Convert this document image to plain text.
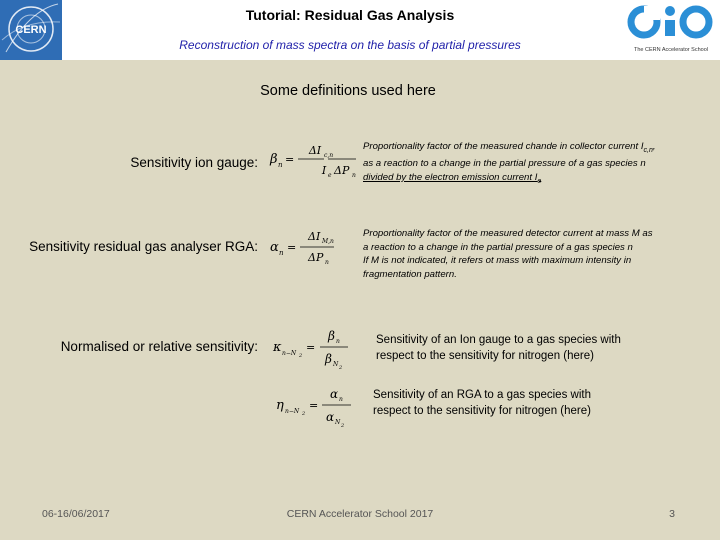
CERN
Tutorial: Residual Gas Analysis
Reconstruction of mass spectra on the basis of partial pressures	The CERN Accelerator School
Some definitions used here
Sensitivity ion gauge: β n =
ΔI c,n
I e ΔP n
Proportionality factor of the measured chande in collector current $I_{c,n}$,
as a reaction to a change in the partial pressure of a gas species n
divided by the electron emission current $I_e$
Sensitivity residual gas analyser RGA: α n =
ΔI M,n
ΔP n
Proportionality factor of the measured detector current at mass M as
a reaction to a change in the partial pressure of a gas species n
If M is not indicated, it refers ot mass with maximum intensity in
fragmentation pattern.
Normalised or relative sensitivity: κ n−N 2
=
β n
β N 2
Sensitivity of an Ion gauge to a gas species with
respect to the sensitivity for nitrogen (here)
η n−N 2
=
α n
α N 2
Sensitivity of an RGA to a gas species with
respect to the sensitivity for nitrogen (here)
06-16/06/2017	CERN Accelerator School 2017	3
